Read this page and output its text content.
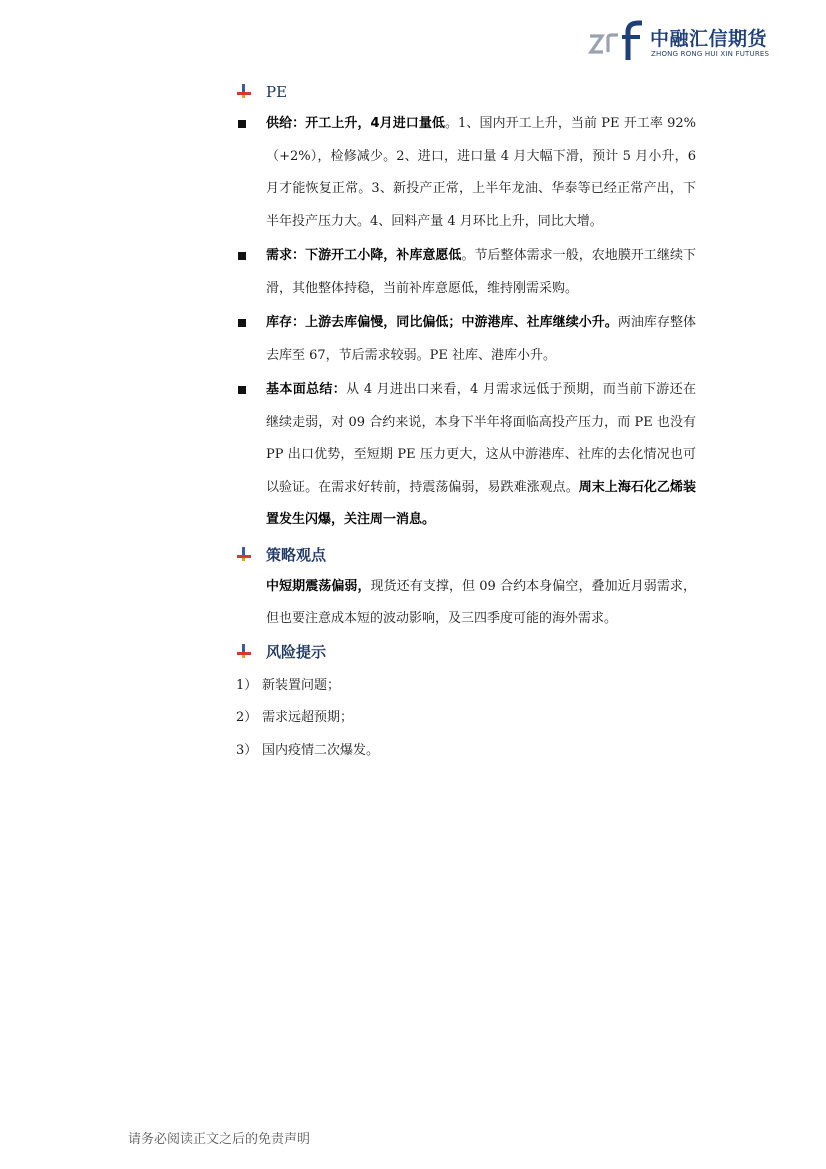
中融汇信期货
ZHONG RONG HUI XIN FUTURES
PE
供给：开工上升，4月进口量低。1、国内开工上升，当前 PE 开工率 92%（+2%），检修减少。2、进口，进口量 4 月大幅下滑，预计 5 月小升，6 月才能恢复正常。3、新投产正常，上半年龙油、华泰等已经正常产出，下半年投产压力大。4、回料产量 4 月环比上升，同比大增。
需求：下游开工小降，补库意愿低。节后整体需求一般，农地膜开工继续下滑，其他整体持稳，当前补库意愿低，维持刚需采购。
库存：上游去库偏慢，同比偏低；中游港库、社库继续小升。两油库存整体去库至 67，节后需求较弱。PE 社库、港库小升。
基本面总结：从 4 月进出口来看，4 月需求远低于预期，而当前下游还在继续走弱，对 09 合约来说，本身下半年将面临高投产压力，而 PE 也没有 PP 出口优势，至短期 PE 压力更大，这从中游港库、社库的去化情况也可以验证。在需求好转前，持震荡偏弱，易跌难涨观点。周末上海石化乙烯装置发生闪爆，关注周一消息。
策略观点
中短期震荡偏弱，现货还有支撑，但 09 合约本身偏空，叠加近月弱需求，但也要注意成本短的波动影响，及三四季度可能的海外需求。
风险提示
1） 新装置问题；
2） 需求远超预期；
3） 国内疫情二次爆发。
请务必阅读正文之后的免责声明
